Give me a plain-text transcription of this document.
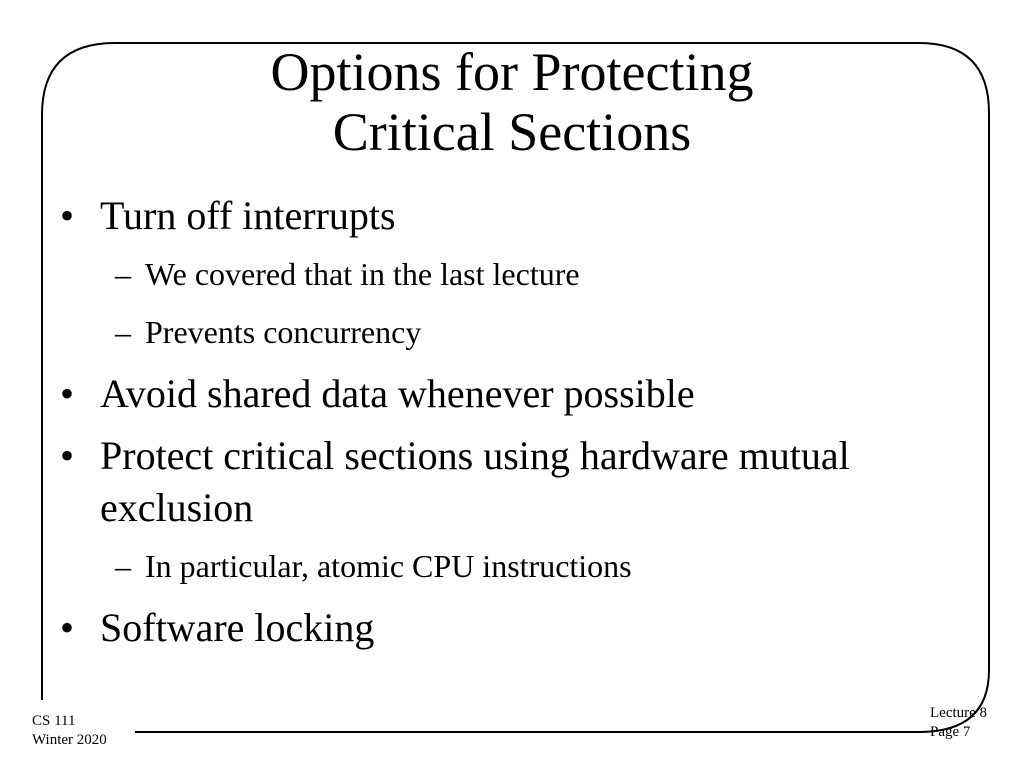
Options for Protecting
Critical Sections
• Turn off interrupts
– We covered that in the last lecture
– Prevents concurrency
• Avoid shared data whenever possible
• Protect critical sections using hardware mutual exclusion
– In particular, atomic CPU instructions
• Software locking
CS 111
Winter 2020
Lecture 8
Page 7
